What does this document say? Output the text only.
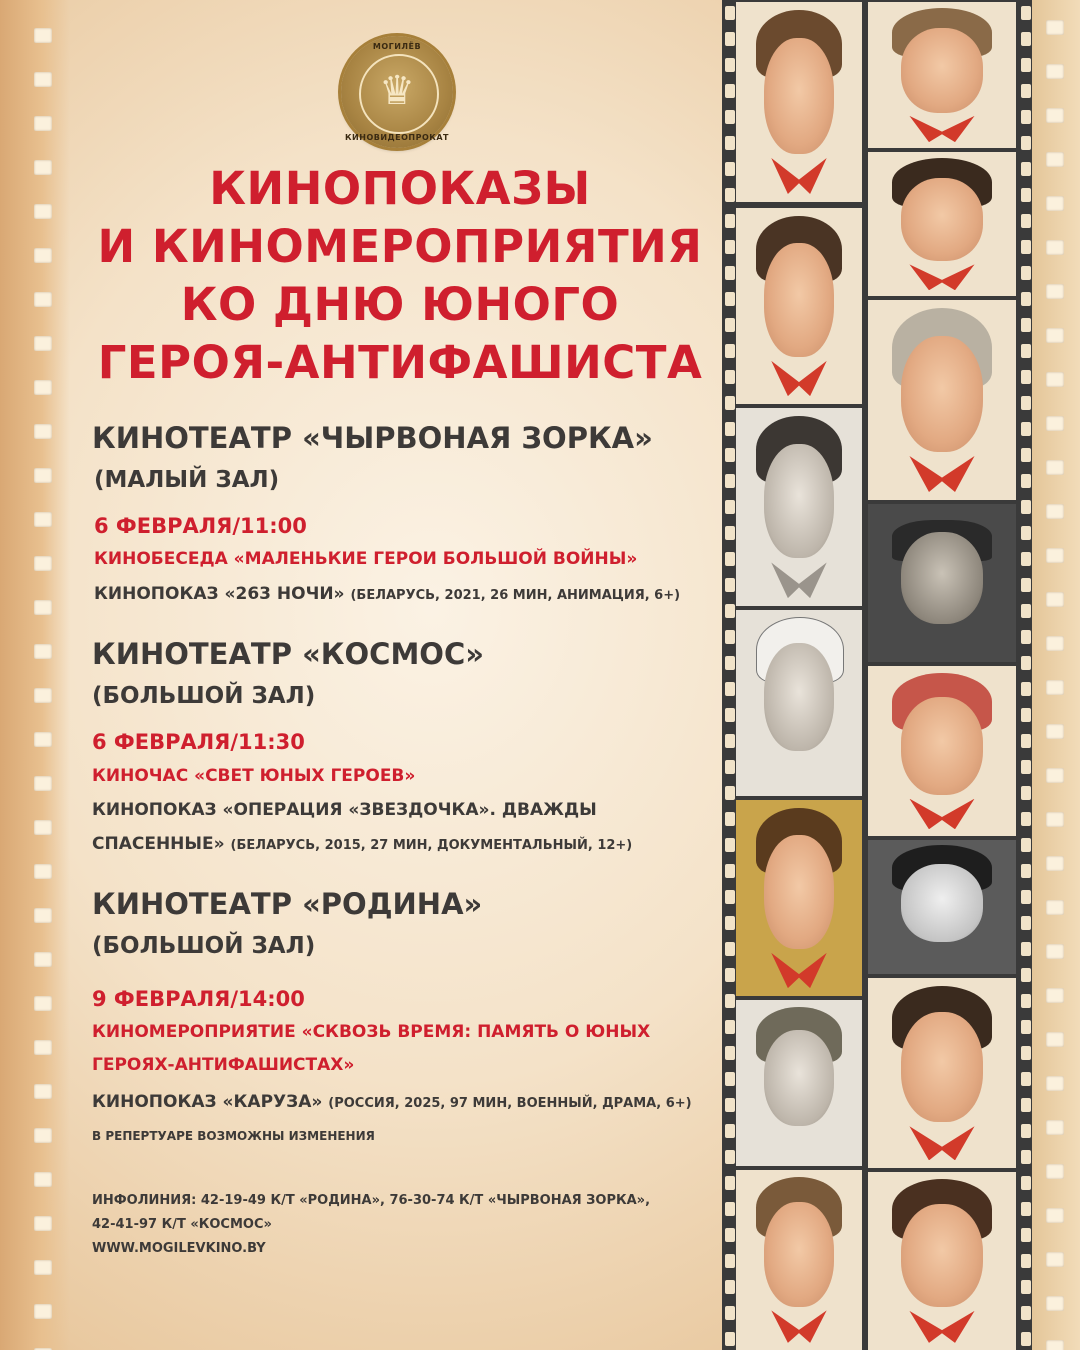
МОГИЛЁВ
♛
КИНОВИДЕОПРОКАТ
КИНОПОКАЗЫ
И КИНОМЕРОПРИЯТИЯ
КО ДНЮ ЮНОГО
ГЕРОЯ-АНТИФАШИСТА
КИНОТЕАТР «ЧЫРВОНАЯ ЗОРКА»
(МАЛЫЙ ЗАЛ)
6 ФЕВРАЛЯ/11:00
КИНОБЕСЕДА «МАЛЕНЬКИЕ ГЕРОИ БОЛЬШОЙ ВОЙНЫ»
КИНОПОКАЗ «263 НОЧИ» (БЕЛАРУСЬ, 2021, 26 МИН, АНИМАЦИЯ, 6+)
КИНОТЕАТР «КОСМОС»
(БОЛЬШОЙ ЗАЛ)
6 ФЕВРАЛЯ/11:30
КИНОЧАС «СВЕТ ЮНЫХ ГЕРОЕВ»
КИНОПОКАЗ «ОПЕРАЦИЯ «ЗВЕЗДОЧКА». ДВАЖДЫ
СПАСЕННЫЕ» (БЕЛАРУСЬ, 2015, 27 МИН, ДОКУМЕНТАЛЬНЫЙ, 12+)
КИНОТЕАТР «РОДИНА»
(БОЛЬШОЙ ЗАЛ)
9 ФЕВРАЛЯ/14:00
КИНОМЕРОПРИЯТИЕ «СКВОЗЬ ВРЕМЯ: ПАМЯТЬ О ЮНЫХ
ГЕРОЯХ-АНТИФАШИСТАХ»
КИНОПОКАЗ «КАРУЗА» (РОССИЯ, 2025, 97 МИН, ВОЕННЫЙ, ДРАМА, 6+)
В РЕПЕРТУАРЕ ВОЗМОЖНЫ ИЗМЕНЕНИЯ
ИНФОЛИНИЯ: 42-19-49 К/Т «РОДИНА», 76-30-74 К/Т «ЧЫРВОНАЯ ЗОРКА»,
42-41-97 К/Т «КОСМОС»
WWW.MOGILEVKINO.BY
